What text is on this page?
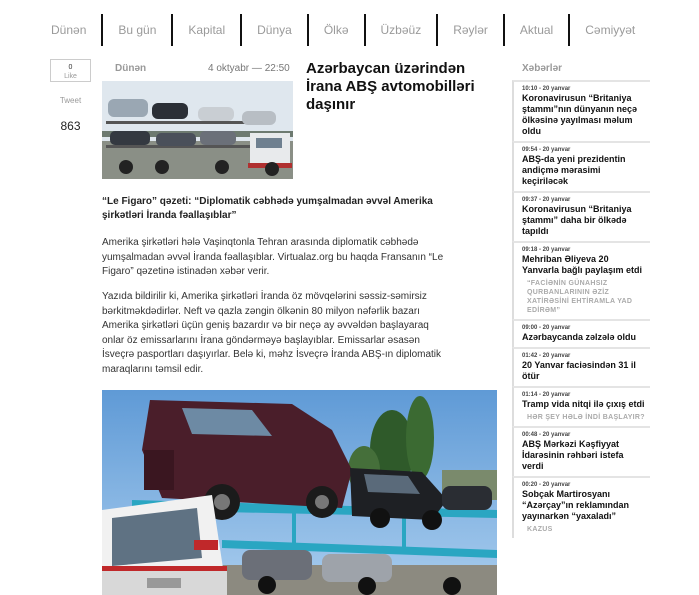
Dünən	Bu gün	Kapital	Dünya	Ölkə	Üzbəüz	Rəylər	Aktual	Cəmiyyət
0
Like
Tweet
863
Dünən	4 oktyabr — 22:50 Azərbaycan üzərindən İrana ABŞ avtomobilləri daşınır

“Le Figaro” qəzeti: “Diplomatik cəbhədə yumşalmadan əvvəl Amerika şirkətləri İranda fəallaşıblar”

Amerika şirkətləri hələ Vaşinqtonla Tehran arasında diplomatik cəbhədə yumşalmadan əvvəl İranda fəallaşıblar. Virtualaz.org bu haqda Fransanın “Le Figaro” qəzetinə istinadən xəbər verir.

Yazıda bildirilir ki, Amerika şirkətləri İranda öz mövqelərini səssiz-səmirsiz bərkitməkdədirlər. Neft və qazla zəngin ölkənin 80 milyon nəfərlik bazarı Amerika şirkətləri üçün geniş bazardır və bir neçə ay əvvəldən başlayaraq onlar öz emissarlarını İrana göndərməyə başlayıblar. Emissarlar əsasən İsveçrə pasportları daşıyırlar. Belə ki, məhz İsveçrə İranda ABŞ-ın diplomatik maraqlarını təmsil edir.

Xəbərlər
10:10 - 20 yanvar
Koronavirusun “Britaniya ştammı”nın dünyanın neçə ölkəsinə yayılması məlum oldu
09:54 - 20 yanvar
ABŞ-da yeni prezidentin andiçmə mərasimi keçiriləcək
09:37 - 20 yanvar
Koronavirusun “Britaniya ştammı” daha bir ölkədə tapıldı
09:18 - 20 yanvar
Mehriban Əliyeva 20 Yanvarla bağlı paylaşım etdi
“FACİƏNİN GÜNAHSIZ QURBANLARININ ƏZİZ XATİRƏSİNİ EHTİRAMLA YAD EDİRƏM”
09:00 - 20 yanvar
Azərbaycanda zəlzələ oldu
01:42 - 20 yanvar
20 Yanvar faciəsindən 31 il ötür
01:14 - 20 yanvar
Tramp vida nitqi ilə çıxış etdi
HƏR ŞEY HƏLƏ İNDİ BAŞLAYIR?
00:48 - 20 yanvar
ABŞ Mərkəzi Kəşfiyyat İdarəsinin rəhbəri istefa verdi
00:20 - 20 yanvar
Sobçak Martirosyanı “Azərçay”ın reklamından yayınarkən “yaxaladı”
KAZUS
